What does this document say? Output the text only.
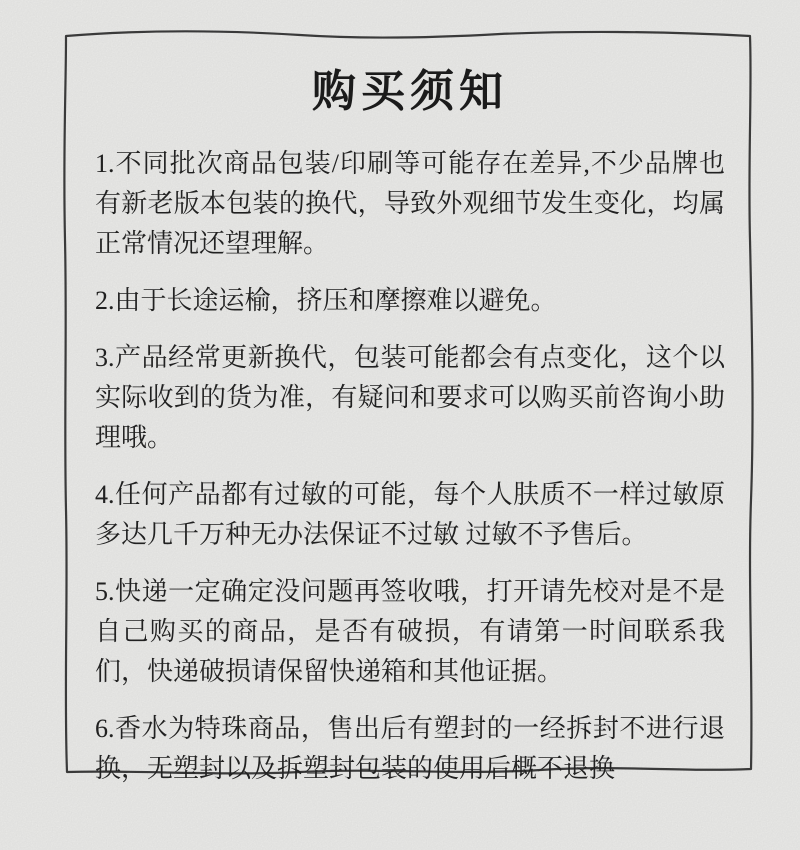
购买须知

1.不同批次商品包装/印刷等可能存在差异,不少品牌也有新老版本包装的换代，导致外观细节发生变化，均属正常情况还望理解。

2.由于长途运榆，挤压和摩擦难以避免。

3.产品经常更新换代，包装可能都会有点变化，这个以实际收到的货为准，有疑问和要求可以购买前咨询小助理哦。

4.任何产品都有过敏的可能，每个人肤质不一样过敏原多达几千万种无办法保证不过敏 过敏不予售后。

5.快递一定确定没问题再签收哦，打开请先校对是不是自己购买的商品，是否有破损，有请第一时间联系我们，快递破损请保留快递箱和其他证据。

6.香水为特珠商品，售出后有塑封的一经拆封不进行退换，无塑封以及拆塑封包装的使用后概不退换
